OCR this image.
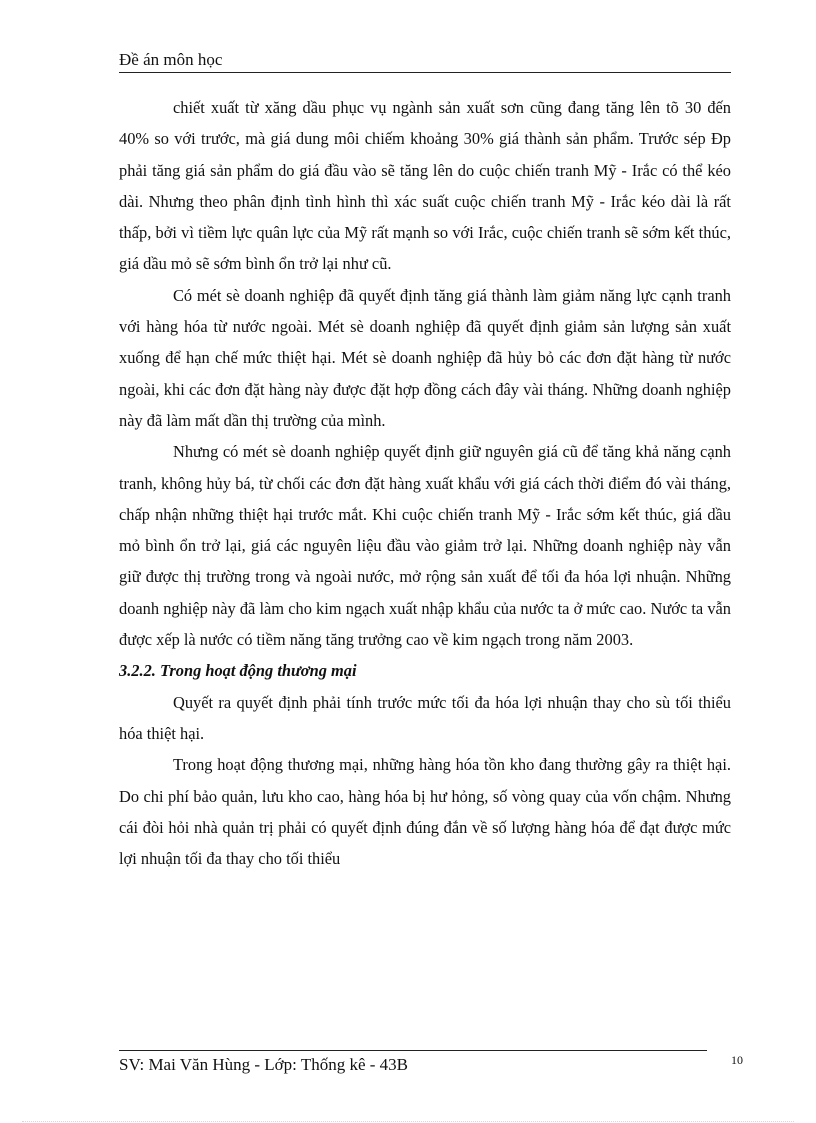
Đề án môn học

chiết xuất từ xăng dầu phục vụ ngành sản xuất sơn cũng đang tăng lên tõ 30 đến 40% so với trước, mà giá dung môi chiếm khoảng 30% giá thành sản phẩm. Trước sép Đp phải tăng giá sản phẩm do giá đầu vào sẽ tăng lên do cuộc chiến tranh Mỹ - Irắc có thể kéo dài. Nhưng theo phân định tình hình thì xác suất cuộc chiến tranh Mỹ - Irắc kéo dài là rất thấp, bởi vì tiềm lực quân lực của Mỹ rất mạnh so với Irắc, cuộc chiến tranh sẽ sớm kết thúc, giá dầu mỏ sẽ sớm bình ổn trở lại như cũ.

Có mét sè doanh nghiệp đã quyết định tăng giá thành làm giảm năng lực cạnh tranh với hàng hóa từ nước ngoài. Mét sè doanh nghiệp đã quyết định giảm sản lượng sản xuất xuống để hạn chế mức thiệt hại. Mét sè doanh nghiệp đã hủy bỏ các đơn đặt hàng từ nước ngoài, khi các đơn đặt hàng này được đặt hợp đồng cách đây vài tháng. Những doanh nghiệp này đã làm mất dần thị trường của mình.

Nhưng có mét sè doanh nghiệp quyết định giữ nguyên giá cũ để tăng khả năng cạnh tranh, không hủy bá, từ chối các đơn đặt hàng xuất khẩu với giá cách thời điểm đó vài tháng, chấp nhận những thiệt hại trước mắt. Khi cuộc chiến tranh Mỹ - Irắc sớm kết thúc, giá dầu mỏ bình ổn trở lại, giá các nguyên liệu đầu vào giảm trở lại. Những doanh nghiệp này vẫn giữ được thị trường trong và ngoài nước, mở rộng sản xuất để tối đa hóa lợi nhuận. Những doanh nghiệp này đã làm cho kim ngạch xuất nhập khẩu của nước ta ở mức cao. Nước ta vẫn được xếp là nước có tiềm năng tăng trưởng cao về kim ngạch trong năm 2003.

3.2.2. Trong hoạt động thương mại

Quyết ra quyết định phải tính trước mức tối đa hóa lợi nhuận thay cho sù tối thiểu hóa thiệt hại.

Trong hoạt động thương mại, những hàng hóa tồn kho đang thường gây ra thiệt hại. Do chi phí bảo quản, lưu kho cao, hàng hóa bị hư hỏng, số vòng quay của vốn chậm. Nhưng cái đòi hỏi nhà quản trị phải có quyết định đúng đắn về số lượng hàng hóa để đạt được mức lợi nhuận tối đa thay cho tối thiểu

SV: Mai Văn Hùng - Lớp: Thống kê - 43B	10
